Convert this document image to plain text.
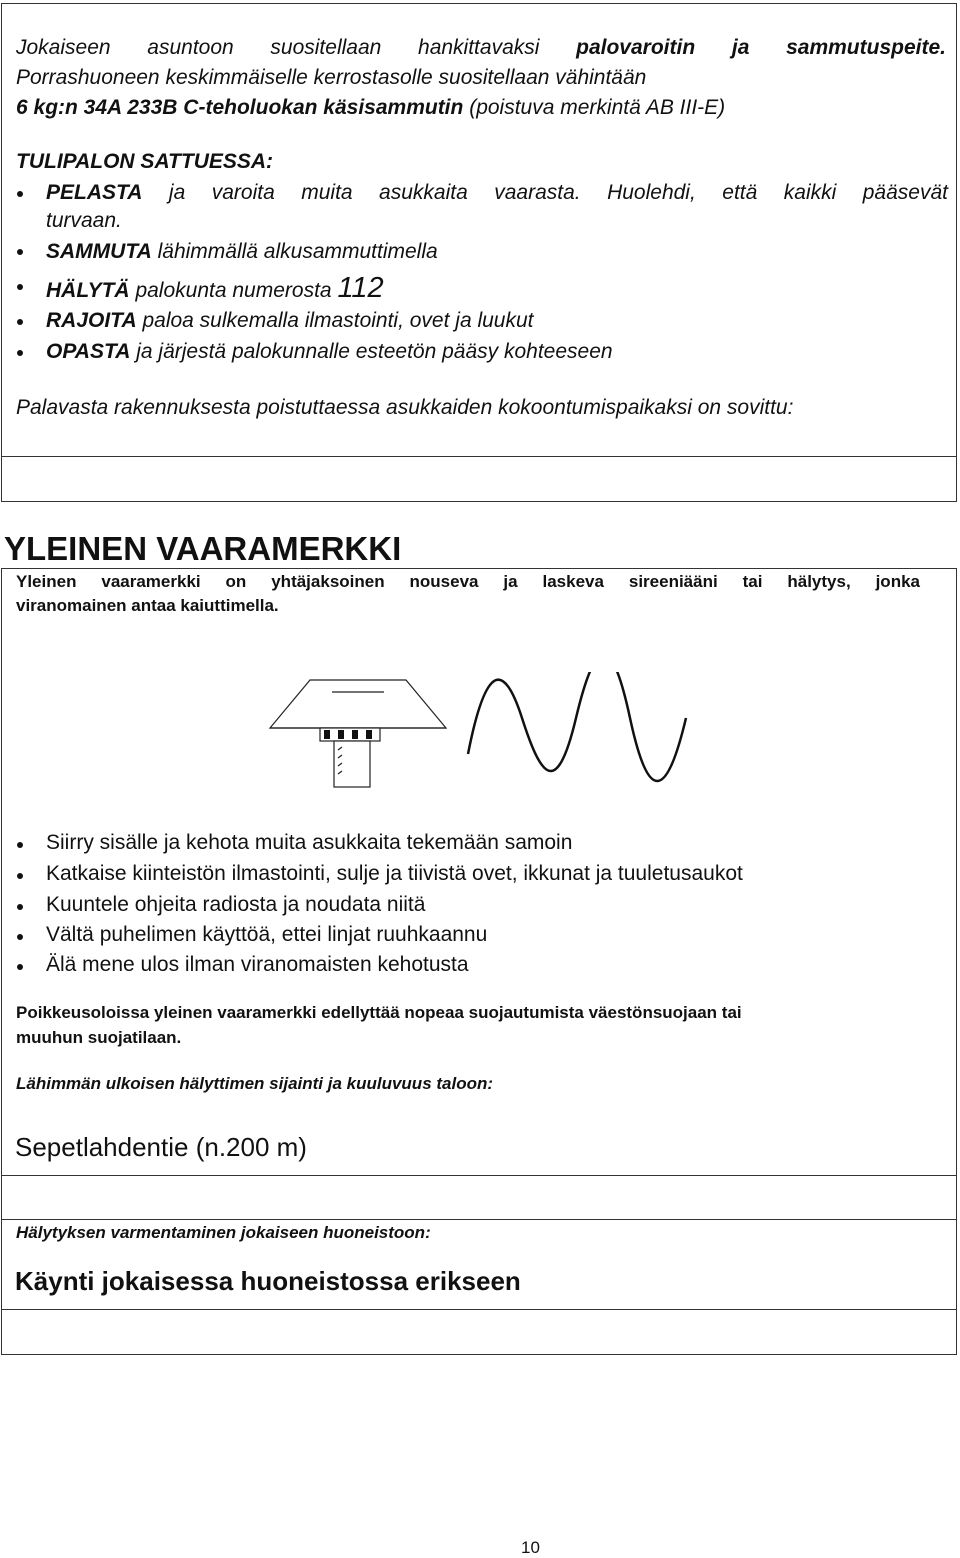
Jokaiseen asuntoon suositellaan hankittavaksi palovaroitin ja sammutuspeite.
Porrashuoneen keskimmäiselle kerrostasolle suositellaan vähintään
6 kg:n 34A 233B C-teholuokan käsisammutin (poistuva merkintä AB III-E)
TULIPALON SATTUESSA:
PELASTA ja varoita muita asukkaita vaarasta. Huolehdi, että kaikki pääsevät
turvaan.
SAMMUTA lähimmällä alkusammuttimella
HÄLYTÄ palokunta numerosta 112
RAJOITA paloa sulkemalla ilmastointi, ovet ja luukut
OPASTA ja järjestä palokunnalle esteetön pääsy kohteeseen
Palavasta rakennuksesta poistuttaessa asukkaiden kokoontumispaikaksi on sovittu:
YLEINEN VAARAMERKKI
Yleinen vaaramerkki on yhtäjaksoinen nouseva ja laskeva sireeniääni tai hälytys, jonka
viranomainen antaa kaiuttimella.
Siirry sisälle ja kehota muita asukkaita tekemään samoin
Katkaise kiinteistön ilmastointi, sulje ja tiivistä ovet, ikkunat ja tuuletusaukot
Kuuntele ohjeita radiosta ja noudata niitä
Vältä puhelimen käyttöä, ettei linjat ruuhkaannu
Älä mene ulos ilman viranomaisten kehotusta
Poikkeusoloissa yleinen vaaramerkki edellyttää nopeaa suojautumista väestönsuojaan tai
muuhun suojatilaan.
Lähimmän ulkoisen hälyttimen sijainti ja kuuluvuus taloon:
Sepetlahdentie (n.200 m)
Hälytyksen varmentaminen jokaiseen huoneistoon:
Käynti jokaisessa huoneistossa erikseen
10
